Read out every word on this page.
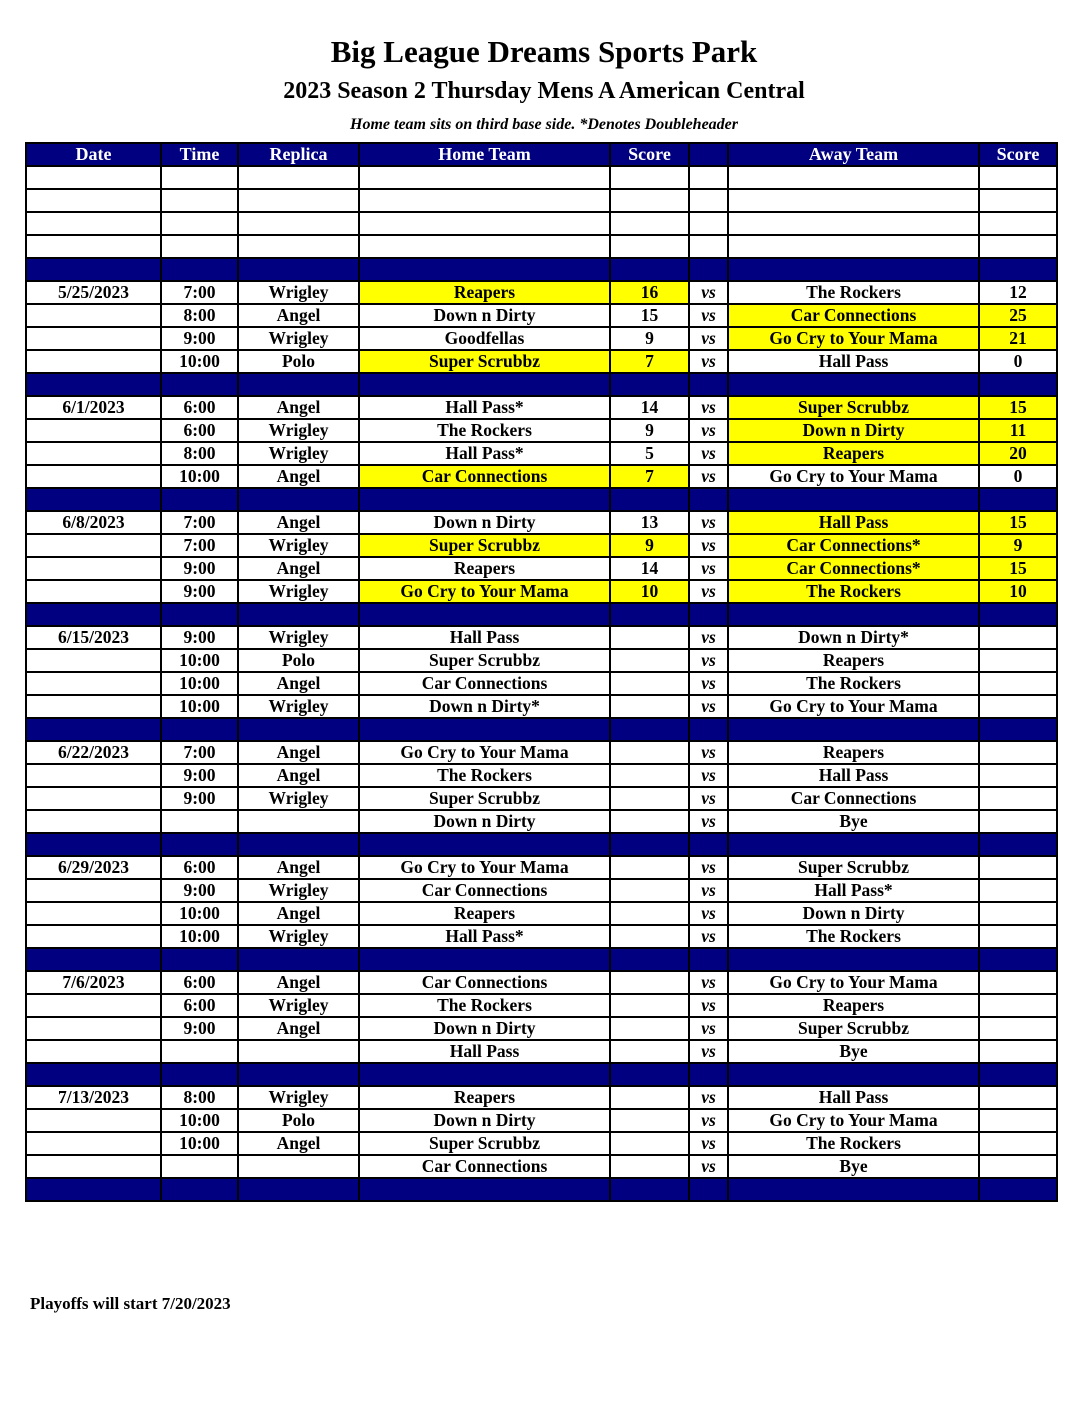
Big League Dreams Sports Park
2023 Season 2 Thursday Mens A American Central
Home team sits on third base side. *Denotes Doubleheader
Date	Time	Replica	Home Team	Score		Away Team	Score

5/25/2023	7:00	Wrigley	Reapers	16	vs	The Rockers	12
	8:00	Angel	Down n Dirty	15	vs	Car Connections	25
	9:00	Wrigley	Goodfellas	9	vs	Go Cry to Your Mama	21
	10:00	Polo	Super Scrubbz	7	vs	Hall Pass	0

6/1/2023	6:00	Angel	Hall Pass*	14	vs	Super Scrubbz	15
	6:00	Wrigley	The Rockers	9	vs	Down n Dirty	11
	8:00	Wrigley	Hall Pass*	5	vs	Reapers	20
	10:00	Angel	Car Connections	7	vs	Go Cry to Your Mama	0

6/8/2023	7:00	Angel	Down n Dirty	13	vs	Hall Pass	15
	7:00	Wrigley	Super Scrubbz	9	vs	Car Connections*	9
	9:00	Angel	Reapers	14	vs	Car Connections*	15
	9:00	Wrigley	Go Cry to Your Mama	10	vs	The Rockers	10

6/15/2023	9:00	Wrigley	Hall Pass		vs	Down n Dirty*	
	10:00	Polo	Super Scrubbz		vs	Reapers	
	10:00	Angel	Car Connections		vs	The Rockers	
	10:00	Wrigley	Down n Dirty*		vs	Go Cry to Your Mama	

6/22/2023	7:00	Angel	Go Cry to Your Mama		vs	Reapers	
	9:00	Angel	The Rockers		vs	Hall Pass	
	9:00	Wrigley	Super Scrubbz		vs	Car Connections	
			Down n Dirty		vs	Bye	

6/29/2023	6:00	Angel	Go Cry to Your Mama		vs	Super Scrubbz	
	9:00	Wrigley	Car Connections		vs	Hall Pass*	
	10:00	Angel	Reapers		vs	Down n Dirty	
	10:00	Wrigley	Hall Pass*		vs	The Rockers	

7/6/2023	6:00	Angel	Car Connections		vs	Go Cry to Your Mama	
	6:00	Wrigley	The Rockers		vs	Reapers	
	9:00	Angel	Down n Dirty		vs	Super Scrubbz	
			Hall Pass		vs	Bye	

7/13/2023	8:00	Wrigley	Reapers		vs	Hall Pass	
	10:00	Polo	Down n Dirty		vs	Go Cry to Your Mama	
	10:00	Angel	Super Scrubbz		vs	The Rockers	
			Car Connections		vs	Bye	

Playoffs will start 7/20/2023
